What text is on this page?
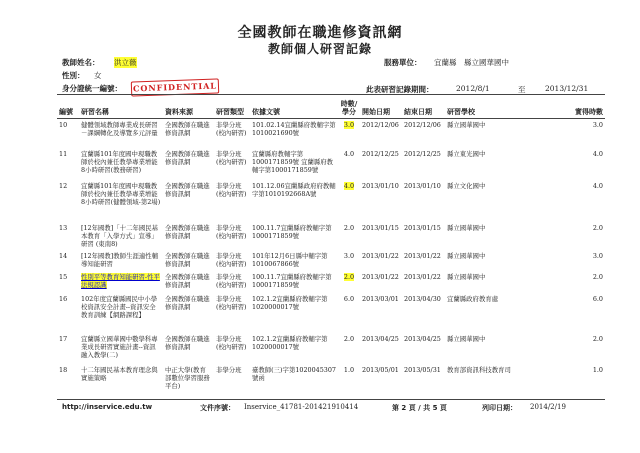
全國教師在職進修資訊網
教師個人研習記錄
教師姓名： 洪立薇
性別： 女
身分證統一編號： CONFIDENTIAL
服務單位： 宜蘭縣　縣立國華國中
此表研習記錄期間：	2012/8/1	至	2013/12/31
編號	研習名稱	資料來源	研習類型	依據文號	時數/學分	開始日期	結束日期	研習學校	實得時數
10	健體領域教師專業成長研習－課綱轉化及導覽多元評量	全國教師在職進修資訊網	非學分班(校內研習)	101.02.14宜蘭縣府教輔字第1010021690號	3.0	2012/12/06	2012/12/06	縣立國華國中	3.0
11	宜蘭縣101年度國中現職教師於校內兼任教學專業增能8小時研習(教務研習)	全國教師在職進修資訊網	非學分班(校內研習)	宜蘭縣府教輔字第1000171859號 宜蘭縣府教輔字第1000171859號	4.0	2012/12/25	2012/12/25	縣立東光國中	4.0
12	宜蘭縣101年度國中現職教師於校內兼任教學專業增能8小時研習(健體領域-第2場)	全國教師在職進修資訊網	非學分班(校內研習)	101.12.06宜蘭縣政府府教輔字第1010192668A號	4.0	2013/01/10	2013/01/10	縣立文化國中	4.0
13	[12年國教]「十二年國民基本教育「入學方式」宣導」研習 (東南8)	全國教師在職進修資訊網	非學分班(校內研習)	100.11.7宜蘭縣府教輔字第1000171859號	2.0	2013/01/15	2013/01/15	縣立國華國中	2.0
14	[12年國教]教師生涯適性輔導知能研習	全國教師在職進修資訊網	非學分班(校內研習)	101年12月6日縣中輔字第1010067866號	3.0	2013/01/22	2013/01/22	縣立國華國中	3.0
15	性別平等教育知能研習-性平法規認識	全國教師在職進修資訊網	非學分班(校內研習)	100.11.7宜蘭縣府教輔字第1000171859號	2.0	2013/01/22	2013/01/22	縣立國華國中	2.0
16	102年度宜蘭縣國民中小學校資訊安全計畫--資訊安全教育訓練【網路課程】	全國教師在職進修資訊網	非學分班(校內研習)	102.1.2宜蘭縣府教輔字第1020000017號	6.0	2013/03/01	2013/04/30	宜蘭縣政府教育處	6.0
17	宜蘭縣立國華國中數學科專業成長研習實施計畫--資訊融入教學(二)	全國教師在職進修資訊網	非學分班(校內研習)	102.1.2宜蘭縣府教輔字第1020000017號	2.0	2013/04/25	2013/04/25	縣立國華國中	2.0
18	十二年國民基本教育理念與實施策略	中正大學(教育部數位學習服務平台)	非學分班	臺教師(三)字第1020045307號函	1.0	2013/05/01	2013/05/31	教育部資訊科技教育司	1.0
http://inservice.edu.tw	文件序號： Inservice_41781-201421910414	第 2 頁 / 共 5 頁	列印日期： 2014/2/19
